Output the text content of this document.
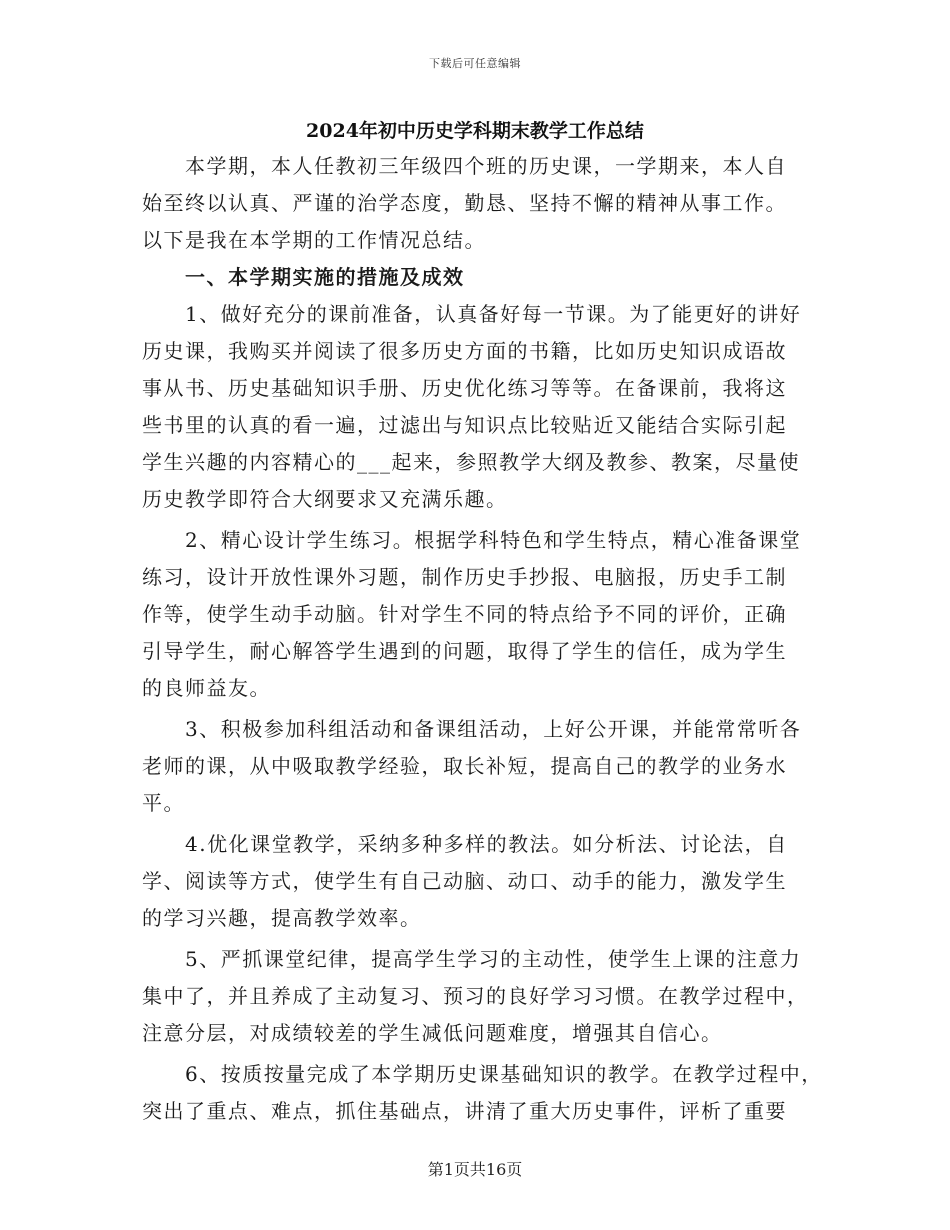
下载后可任意编辑
2024年初中历史学科期末教学工作总结
本学期，本人任教初三年级四个班的历史课，一学期来，本人自
始至终以认真、严谨的治学态度，勤恳、坚持不懈的精神从事工作。
以下是我在本学期的工作情况总结。
一、本学期实施的措施及成效
1、做好充分的课前准备，认真备好每一节课。为了能更好的讲好
历史课，我购买并阅读了很多历史方面的书籍，比如历史知识成语故
事从书、历史基础知识手册、历史优化练习等等。在备课前，我将这
些书里的认真的看一遍，过滤出与知识点比较贴近又能结合实际引起
学生兴趣的内容精心的___起来，参照教学大纲及教参、教案，尽量使
历史教学即符合大纲要求又充满乐趣。
2、精心设计学生练习。根据学科特色和学生特点，精心准备课堂
练习，设计开放性课外习题，制作历史手抄报、电脑报，历史手工制
作等，使学生动手动脑。针对学生不同的特点给予不同的评价，正确
引导学生，耐心解答学生遇到的问题，取得了学生的信任，成为学生
的良师益友。
3、积极参加科组活动和备课组活动，上好公开课，并能常常听各
老师的课，从中吸取教学经验，取长补短，提高自己的教学的业务水
平。
4.优化课堂教学，采纳多种多样的教法。如分析法、讨论法，自
学、阅读等方式，使学生有自己动脑、动口、动手的能力，激发学生
的学习兴趣，提高教学效率。
5、严抓课堂纪律，提高学生学习的主动性，使学生上课的注意力
集中了，并且养成了主动复习、预习的良好学习习惯。在教学过程中，
注意分层，对成绩较差的学生减低问题难度，增强其自信心。
6、按质按量完成了本学期历史课基础知识的教学。在教学过程中，
突出了重点、难点，抓住基础点，讲清了重大历史事件，评析了重要
第1页共16页
